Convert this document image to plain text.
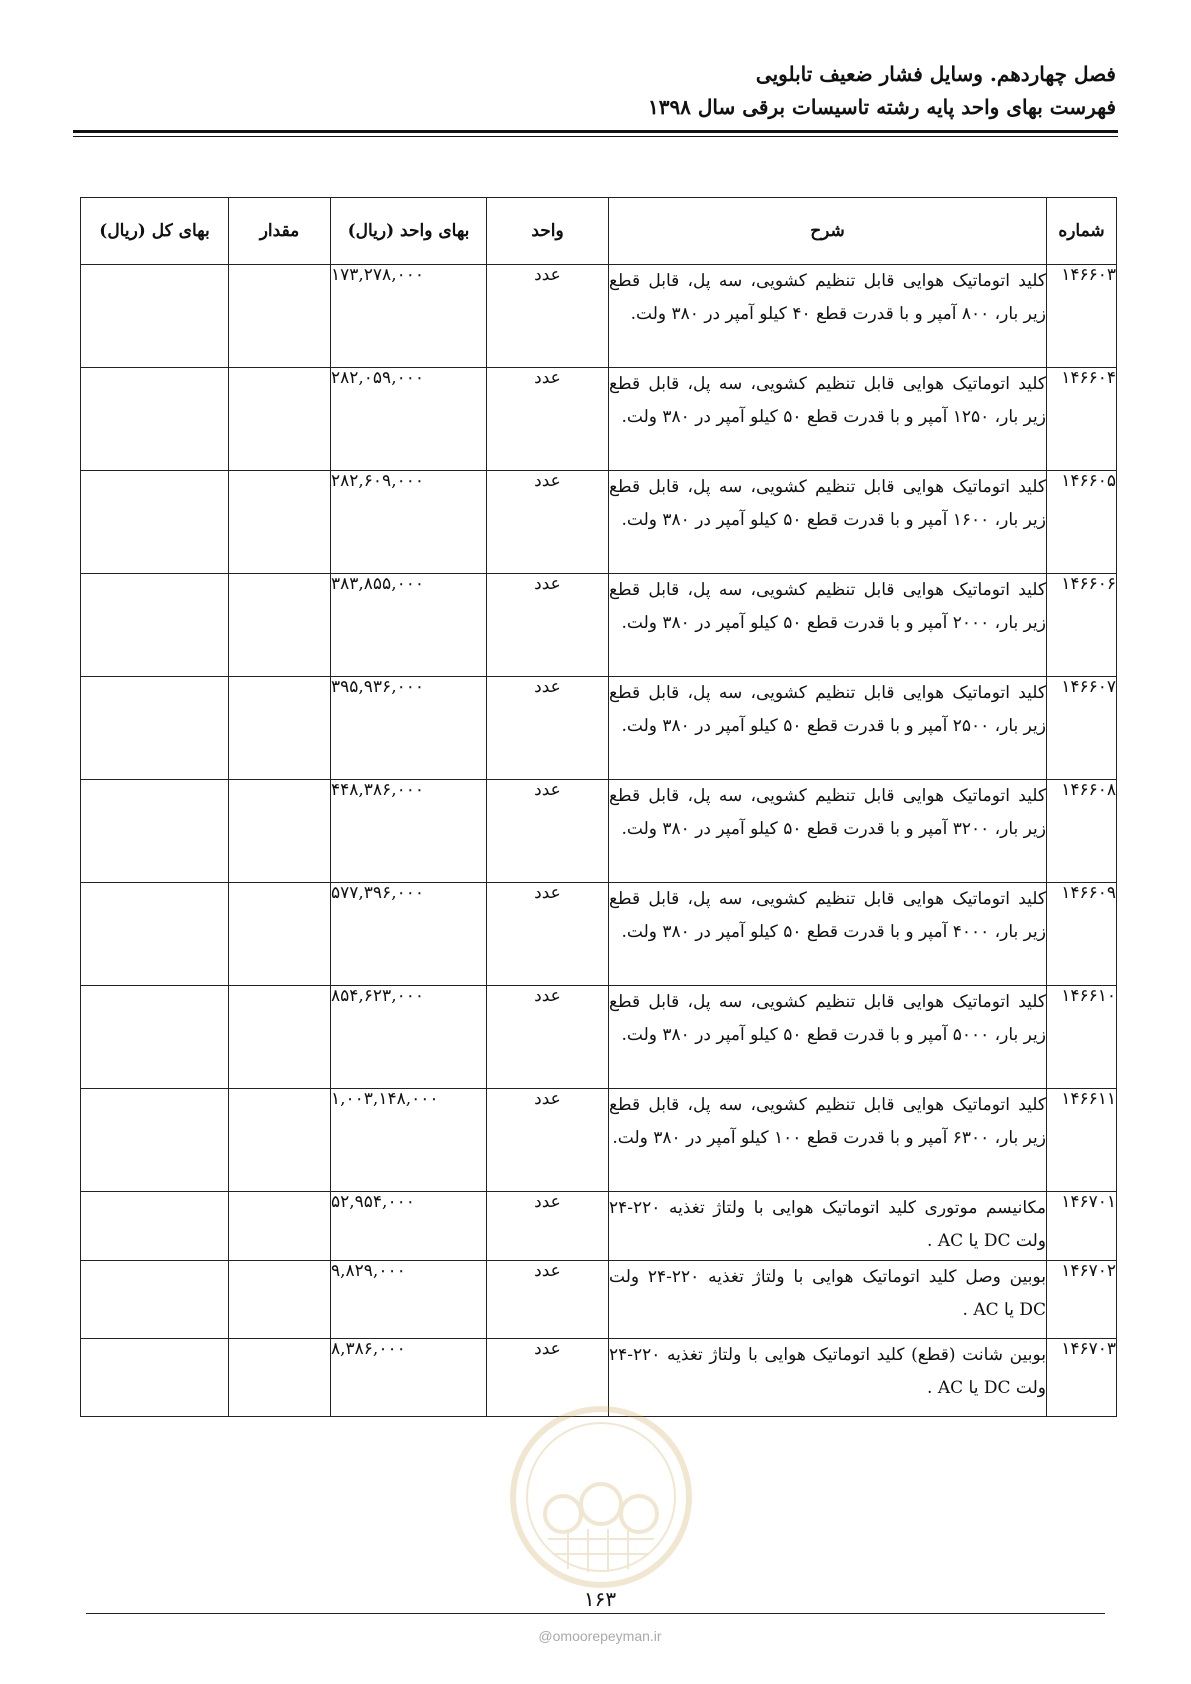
فصل چهاردهم. وسایل فشار ضعیف تابلویی
فهرست بهای واحد پایه رشته تاسیسات برقی سال ۱۳۹۸
شماره	شرح	واحد	بهای واحد (ریال)	مقدار	بهای کل (ریال)
۱۴۶۶۰۳	کلید اتوماتیک هوایی قابل تنظیم کشویی، سه پل، قابل قطع زیر بار، ۸۰۰ آمپر و با قدرت قطع ۴۰ کیلو آمپر در ۳۸۰ ولت.	عدد	۱۷۳,۲۷۸,۰۰۰		
۱۴۶۶۰۴	کلید اتوماتیک هوایی قابل تنظیم کشویی، سه پل، قابل قطع زیر بار، ۱۲۵۰ آمپر و با قدرت قطع ۵۰ کیلو آمپر در ۳۸۰ ولت.	عدد	۲۸۲,۰۵۹,۰۰۰		
۱۴۶۶۰۵	کلید اتوماتیک هوایی قابل تنظیم کشویی، سه پل، قابل قطع زیر بار، ۱۶۰۰ آمپر و با قدرت قطع ۵۰ کیلو آمپر در ۳۸۰ ولت.	عدد	۲۸۲,۶۰۹,۰۰۰		
۱۴۶۶۰۶	کلید اتوماتیک هوایی قابل تنظیم کشویی، سه پل، قابل قطع زیر بار، ۲۰۰۰ آمپر و با قدرت قطع ۵۰ کیلو آمپر در ۳۸۰ ولت.	عدد	۳۸۳,۸۵۵,۰۰۰		
۱۴۶۶۰۷	کلید اتوماتیک هوایی قابل تنظیم کشویی، سه پل، قابل قطع زیر بار، ۲۵۰۰ آمپر و با قدرت قطع ۵۰ کیلو آمپر در ۳۸۰ ولت.	عدد	۳۹۵,۹۳۶,۰۰۰		
۱۴۶۶۰۸	کلید اتوماتیک هوایی قابل تنظیم کشویی، سه پل، قابل قطع زیر بار، ۳۲۰۰ آمپر و با قدرت قطع ۵۰ کیلو آمپر در ۳۸۰ ولت.	عدد	۴۴۸,۳۸۶,۰۰۰		
۱۴۶۶۰۹	کلید اتوماتیک هوایی قابل تنظیم کشویی، سه پل، قابل قطع زیر بار، ۴۰۰۰ آمپر و با قدرت قطع ۵۰ کیلو آمپر در ۳۸۰ ولت.	عدد	۵۷۷,۳۹۶,۰۰۰		
۱۴۶۶۱۰	کلید اتوماتیک هوایی قابل تنظیم کشویی، سه پل، قابل قطع زیر بار، ۵۰۰۰ آمپر و با قدرت قطع ۵۰ کیلو آمپر در ۳۸۰ ولت.	عدد	۸۵۴,۶۲۳,۰۰۰		
۱۴۶۶۱۱	کلید اتوماتیک هوایی قابل تنظیم کشویی، سه پل، قابل قطع زیر بار، ۶۳۰۰ آمپر و با قدرت قطع ۱۰۰ کیلو آمپر در ۳۸۰ ولت.	عدد	۱,۰۰۳,۱۴۸,۰۰۰		
۱۴۶۷۰۱	مکانیسم موتوری کلید اتوماتیک هوایی با ولتاژ تغذیه ۲۲۰-۲۴ ولت DC یا AC .	عدد	۵۲,۹۵۴,۰۰۰		
۱۴۶۷۰۲	بوبین وصل کلید اتوماتیک هوایی با ولتاژ تغذیه ۲۲۰-۲۴ ولت DC یا AC .	عدد	۹,۸۲۹,۰۰۰		
۱۴۶۷۰۳	بوبین شانت (قطع) کلید اتوماتیک هوایی با ولتاژ تغذیه ۲۲۰-۲۴ ولت DC یا AC .	عدد	۸,۳۸۶,۰۰۰		
۱۶۳
@omoorepeyman.ir
